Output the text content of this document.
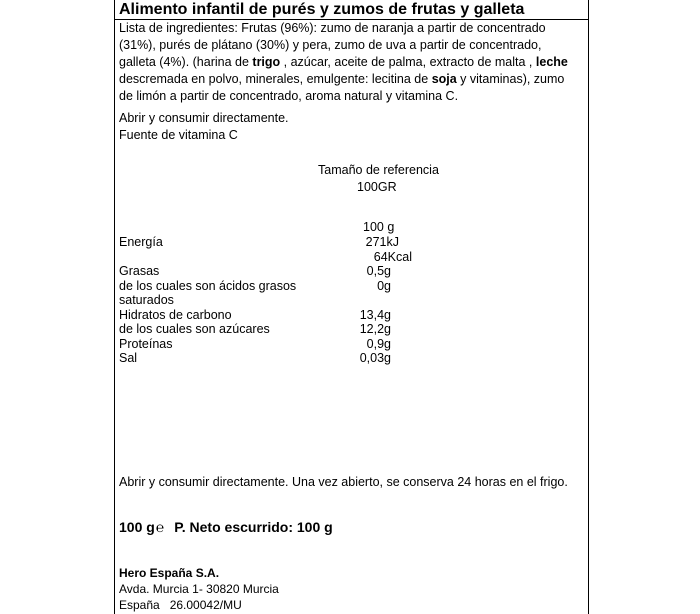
Alimento infantil de purés y zumos de frutas y galleta
Lista de ingredientes: Frutas (96%): zumo de naranja a partir de concentrado (31%), purés de plátano (30%) y pera, zumo de uva a partir de concentrado, galleta (4%). (harina de trigo , azúcar, aceite de palma, extracto de malta , leche descremada en polvo, minerales, emulgente: lecitina de soja y vitaminas), zumo de limón a partir de concentrado, aroma natural y vitamina C.
Abrir y consumir directamente.
Fuente de vitamina C
Tamaño de referencia
100GR
100 g
Energía	271kJ
64Kcal
Grasas	0,5g
de los cuales son ácidos grasos	0g
saturados
Hidratos de carbono	13,4g
de los cuales son azúcares	12,2g
Proteínas	0,9g
Sal	0,03g
Abrir y consumir directamente. Una vez abierto, se conserva 24 horas en el frigo.
100 g℮ P. Neto escurrido: 100 g
Hero España S.A.
Avda. Murcia 1- 30820 Murcia
España   26.00042/MU
